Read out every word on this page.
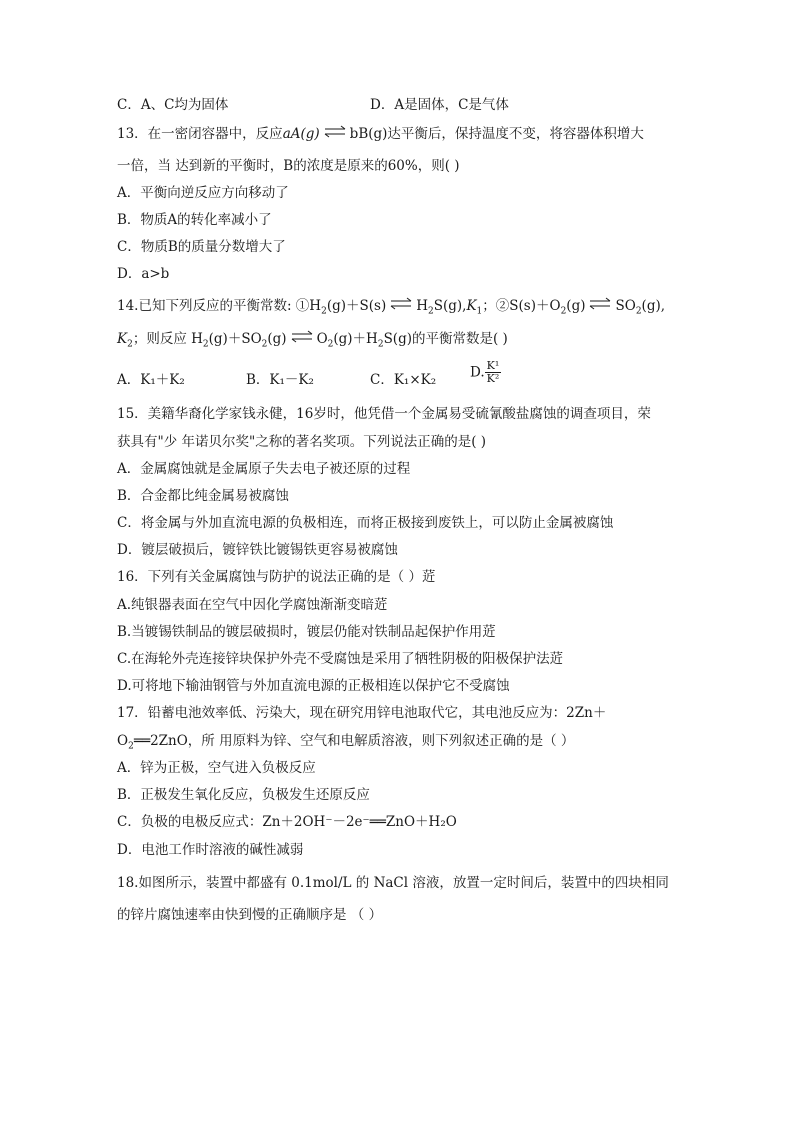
C．A、C均为固体	D．A是固体，C是气体
13．在一密闭容器中，反应aA(g) ⇌ bB(g)达平衡后，保持温度不变，将容器体积增大
一倍，当 达到新的平衡时，B的浓度是原来的60%，则( )
A．平衡向逆反应方向移动了
B．物质A的转化率减小了
C．物质B的质量分数增大了
D．a>b
14.已知下列反应的平衡常数: $①H_2(g)+S(s)$ ⇌ $H_2S(g),K_1$；$②S(s)+O_2(g)$ ⇌ $SO_2(g)$,
$K_2$；则反应 $H_2(g)+SO_2(g)$ ⇌ $O_2(g)+H_2S(g)$的平衡常数是( )
A．K₁＋K₂	B．K₁－K₂	C．K₁×K₂	D. $\frac{\text{K¹}}{\text{K²}}$
15．美籍华裔化学家钱永健，16岁时，他凭借一个金属易受硫氰酸盐腐蚀的调查项目，荣
获具有"少 年诺贝尔奖"之称的著名奖项。下列说法正确的是( )
A．金属腐蚀就是金属原子失去电子被还原的过程
B．合金都比纯金属易被腐蚀
C．将金属与外加直流电源的负极相连，而将正极接到废铁上，可以防止金属被腐蚀
D．镀层破损后，镀锌铁比镀锡铁更容易被腐蚀
16．下列有关金属腐蚀与防护的说法正确的是（ ）菦
A.纯银器表面在空气中因化学腐蚀渐渐变暗菦
B.当镀锡铁制品的镀层破损时，镀层仍能对铁制品起保护作用菦
C.在海轮外壳连接锌块保护外壳不受腐蚀是采用了牺牲阴极的阳极保护法菦
D.可将地下输油钢管与外加直流电源的正极相连以保护它不受腐蚀
17．铅蓄电池效率低、污染大，现在研究用锌电池取代它，其电池反应为：2Zn＋
$O_2══2ZnO$，所 用原料为锌、空气和电解质溶液，则下列叙述正确的是（ ）
A．锌为正极，空气进入负极反应
B．正极发生氧化反应，负极发生还原反应
C．负极的电极反应式：Zn＋2OH⁻－2e⁻══ZnO＋H₂O
D．电池工作时溶液的碱性减弱
18.如图所示，装置中都盛有 0.1mol/L 的 NaCl 溶液，放置一定时间后，装置中的四块相同
的锌片腐蚀速率由快到慢的正确顺序是 （ ）
